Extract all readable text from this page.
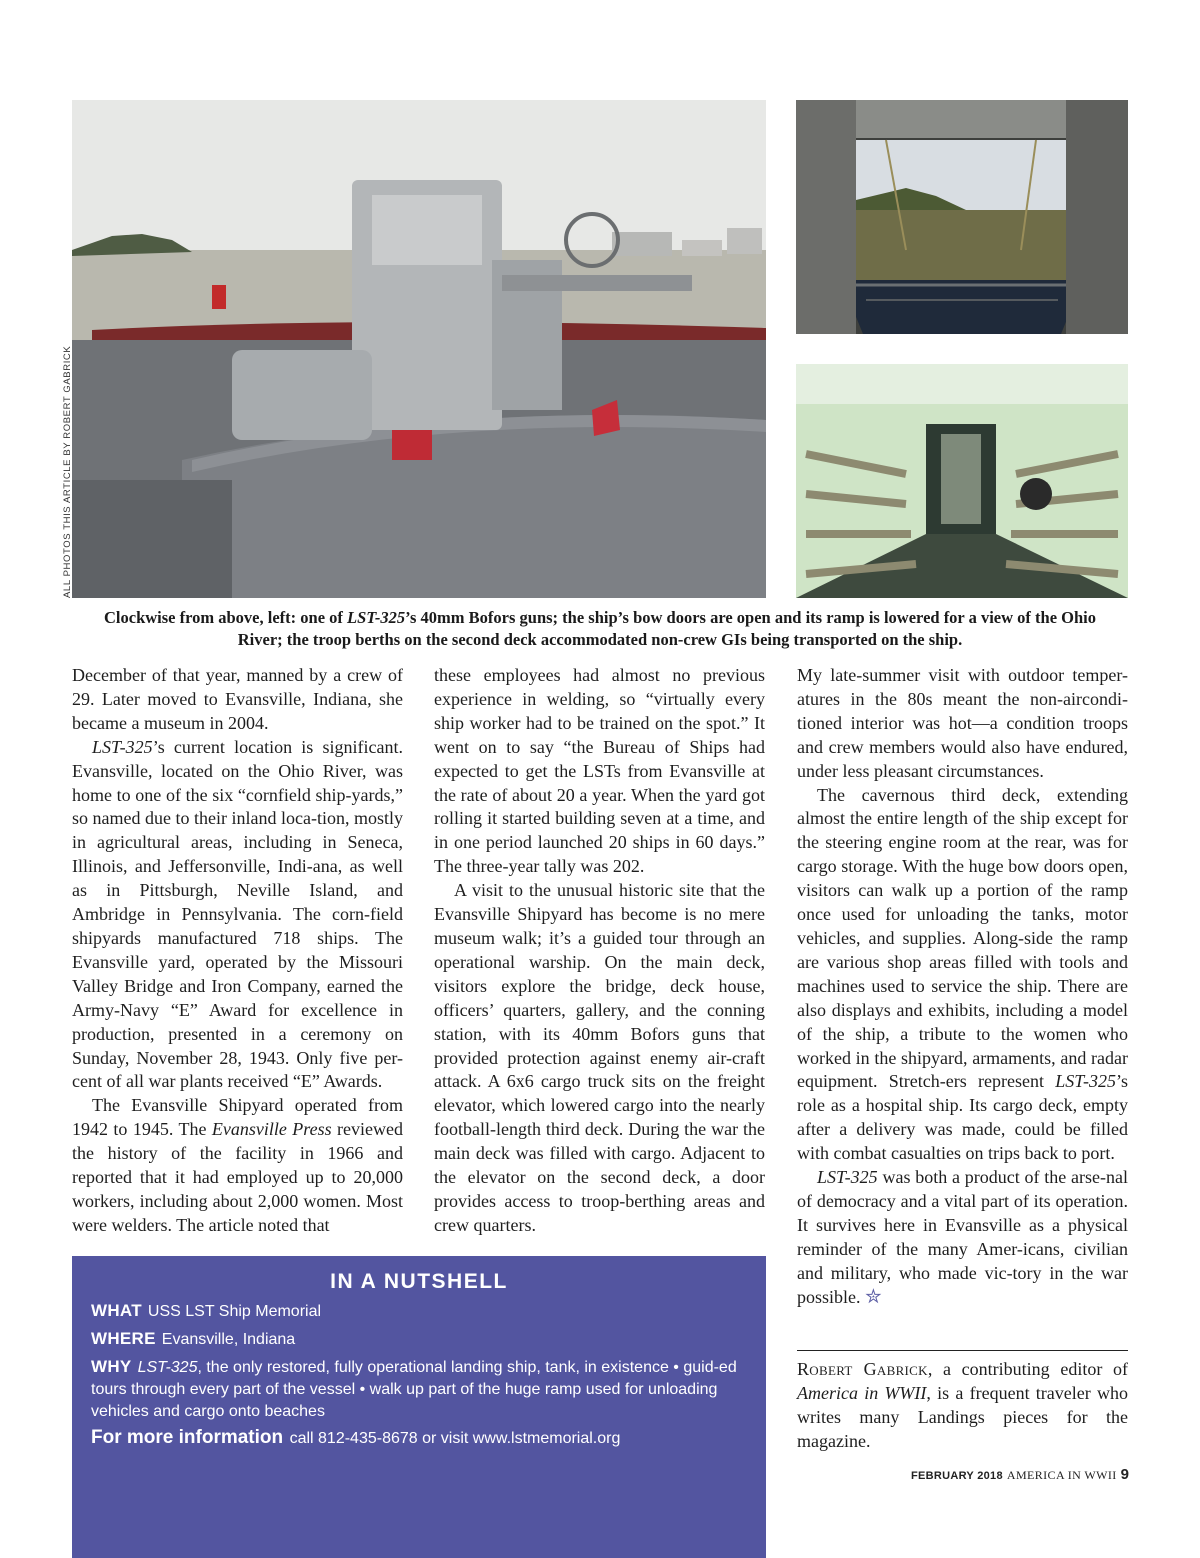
ALL PHOTOS THIS ARTICLE BY ROBERT GABRICK
Clockwise from above, left: one of LST-325’s 40mm Bofors guns; the ship’s bow doors are open and its ramp is lowered for a view of the Ohio River; the troop berths on the second deck accommodated non-crew GIs being transported on the ship.

December of that year, manned by a crew of 29. Later moved to Evansville, Indiana, she became a museum in 2004.

LST-325’s current location is significant. Evansville, located on the Ohio River, was home to one of the six “cornfield ship-yards,” so named due to their inland loca-tion, mostly in agricultural areas, including in Seneca, Illinois, and Jeffersonville, Indi-ana, as well as in Pittsburgh, Neville Island, and Ambridge in Pennsylvania. The corn-field shipyards manufactured 718 ships. The Evansville yard, operated by the Missouri Valley Bridge and Iron Company, earned the Army-Navy “E” Award for excellence in production, presented in a ceremony on Sunday, November 28, 1943. Only five per-cent of all war plants received “E” Awards.

The Evansville Shipyard operated from 1942 to 1945. The Evansville Press reviewed the history of the facility in 1966 and reported that it had employed up to 20,000 workers, including about 2,000 women. Most were welders. The article noted that

these employees had almost no previous experience in welding, so “virtually every ship worker had to be trained on the spot.” It went on to say “the Bureau of Ships had expected to get the LSTs from Evansville at the rate of about 20 a year. When the yard got rolling it started building seven at a time, and in one period launched 20 ships in 60 days.” The three-year tally was 202.

A visit to the unusual historic site that the Evansville Shipyard has become is no mere museum walk; it’s a guided tour through an operational warship. On the main deck, visitors explore the bridge, deck house, officers’ quarters, gallery, and the conning station, with its 40mm Bofors guns that provided protection against enemy air-craft attack. A 6x6 cargo truck sits on the freight elevator, which lowered cargo into the nearly football-length third deck. During the war the main deck was filled with cargo. Adjacent to the elevator on the second deck, a door provides access to troop-berthing areas and crew quarters.

My late-summer visit with outdoor temper-atures in the 80s meant the non-aircondi-tioned interior was hot—a condition troops and crew members would also have endured, under less pleasant circumstances.

The cavernous third deck, extending almost the entire length of the ship except for the steering engine room at the rear, was for cargo storage. With the huge bow doors open, visitors can walk up a portion of the ramp once used for unloading the tanks, motor vehicles, and supplies. Along-side the ramp are various shop areas filled with tools and machines used to service the ship. There are also displays and exhibits, including a model of the ship, a tribute to the women who worked in the shipyard, armaments, and radar equipment. Stretch-ers represent LST-325’s role as a hospital ship. Its cargo deck, empty after a delivery was made, could be filled with combat casualties on trips back to port.

LST-325 was both a product of the arse-nal of democracy and a vital part of its operation. It survives here in Evansville as a physical reminder of the many Amer-icans, civilian and military, who made vic-tory in the war possible. ✮

IN A NUTSHELL
WHAT USS LST Ship Memorial
WHERE Evansville, Indiana
WHY LST-325, the only restored, fully operational landing ship, tank, in existence • guid-ed tours through every part of the vessel • walk up part of the huge ramp used for unloading vehicles and cargo onto beaches
For more information call 812-435-8678 or visit www.lstmemorial.org
Robert Gabrick, a contributing editor of America in WWII, is a frequent traveler who writes many Landings pieces for the magazine.
FEBRUARY 2018 AMERICA IN WWII 9
